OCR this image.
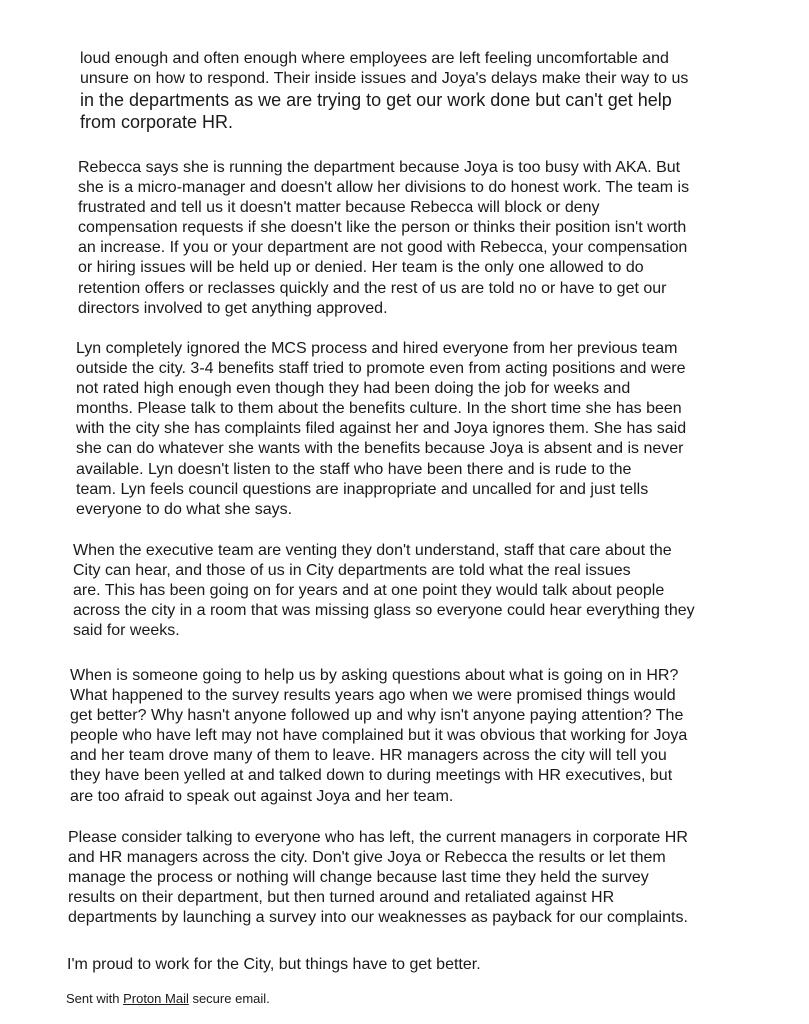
loud enough and often enough where employees are left feeling uncomfortable and
unsure on how to respond. Their inside issues and Joya's delays make their way to us
in the departments as we are trying to get our work done but can't get help
from corporate HR.
Rebecca says she is running the department because Joya is too busy with AKA. But
she is a micro-manager and doesn't allow her divisions to do honest work. The team is
frustrated and tell us it doesn't matter because Rebecca will block or deny
compensation requests if she doesn't like the person or thinks their position isn't worth
an increase. If you or your department are not good with Rebecca, your compensation
or hiring issues will be held up or denied. Her team is the only one allowed to do
retention offers or reclasses quickly and the rest of us are told no or have to get our
directors involved to get anything approved.
Lyn completely ignored the MCS process and hired everyone from her previous team
outside the city. 3-4 benefits staff tried to promote even from acting positions and were
not rated high enough even though they had been doing the job for weeks and
months. Please talk to them about the benefits culture. In the short time she has been
with the city she has complaints filed against her and Joya ignores them. She has said
she can do whatever she wants with the benefits because Joya is absent and is never
available. Lyn doesn't listen to the staff who have been there and is rude to the
team. Lyn feels council questions are inappropriate and uncalled for and just tells
everyone to do what she says.
When the executive team are venting they don't understand, staff that care about the
City can hear, and those of us in City departments are told what the real issues
are. This has been going on for years and at one point they would talk about people
across the city in a room that was missing glass so everyone could hear everything they
said for weeks.
When is someone going to help us by asking questions about what is going on in HR?
What happened to the survey results years ago when we were promised things would
get better? Why hasn't anyone followed up and why isn't anyone paying attention? The
people who have left may not have complained but it was obvious that working for Joya
and her team drove many of them to leave. HR managers across the city will tell you
they have been yelled at and talked down to during meetings with HR executives, but
are too afraid to speak out against Joya and her team.
Please consider talking to everyone who has left, the current managers in corporate HR
and HR managers across the city. Don't give Joya or Rebecca the results or let them
manage the process or nothing will change because last time they held the survey
results on their department, but then turned around and retaliated against HR
departments by launching a survey into our weaknesses as payback for our complaints.
I'm proud to work for the City, but things have to get better.
Sent with Proton Mail secure email.
